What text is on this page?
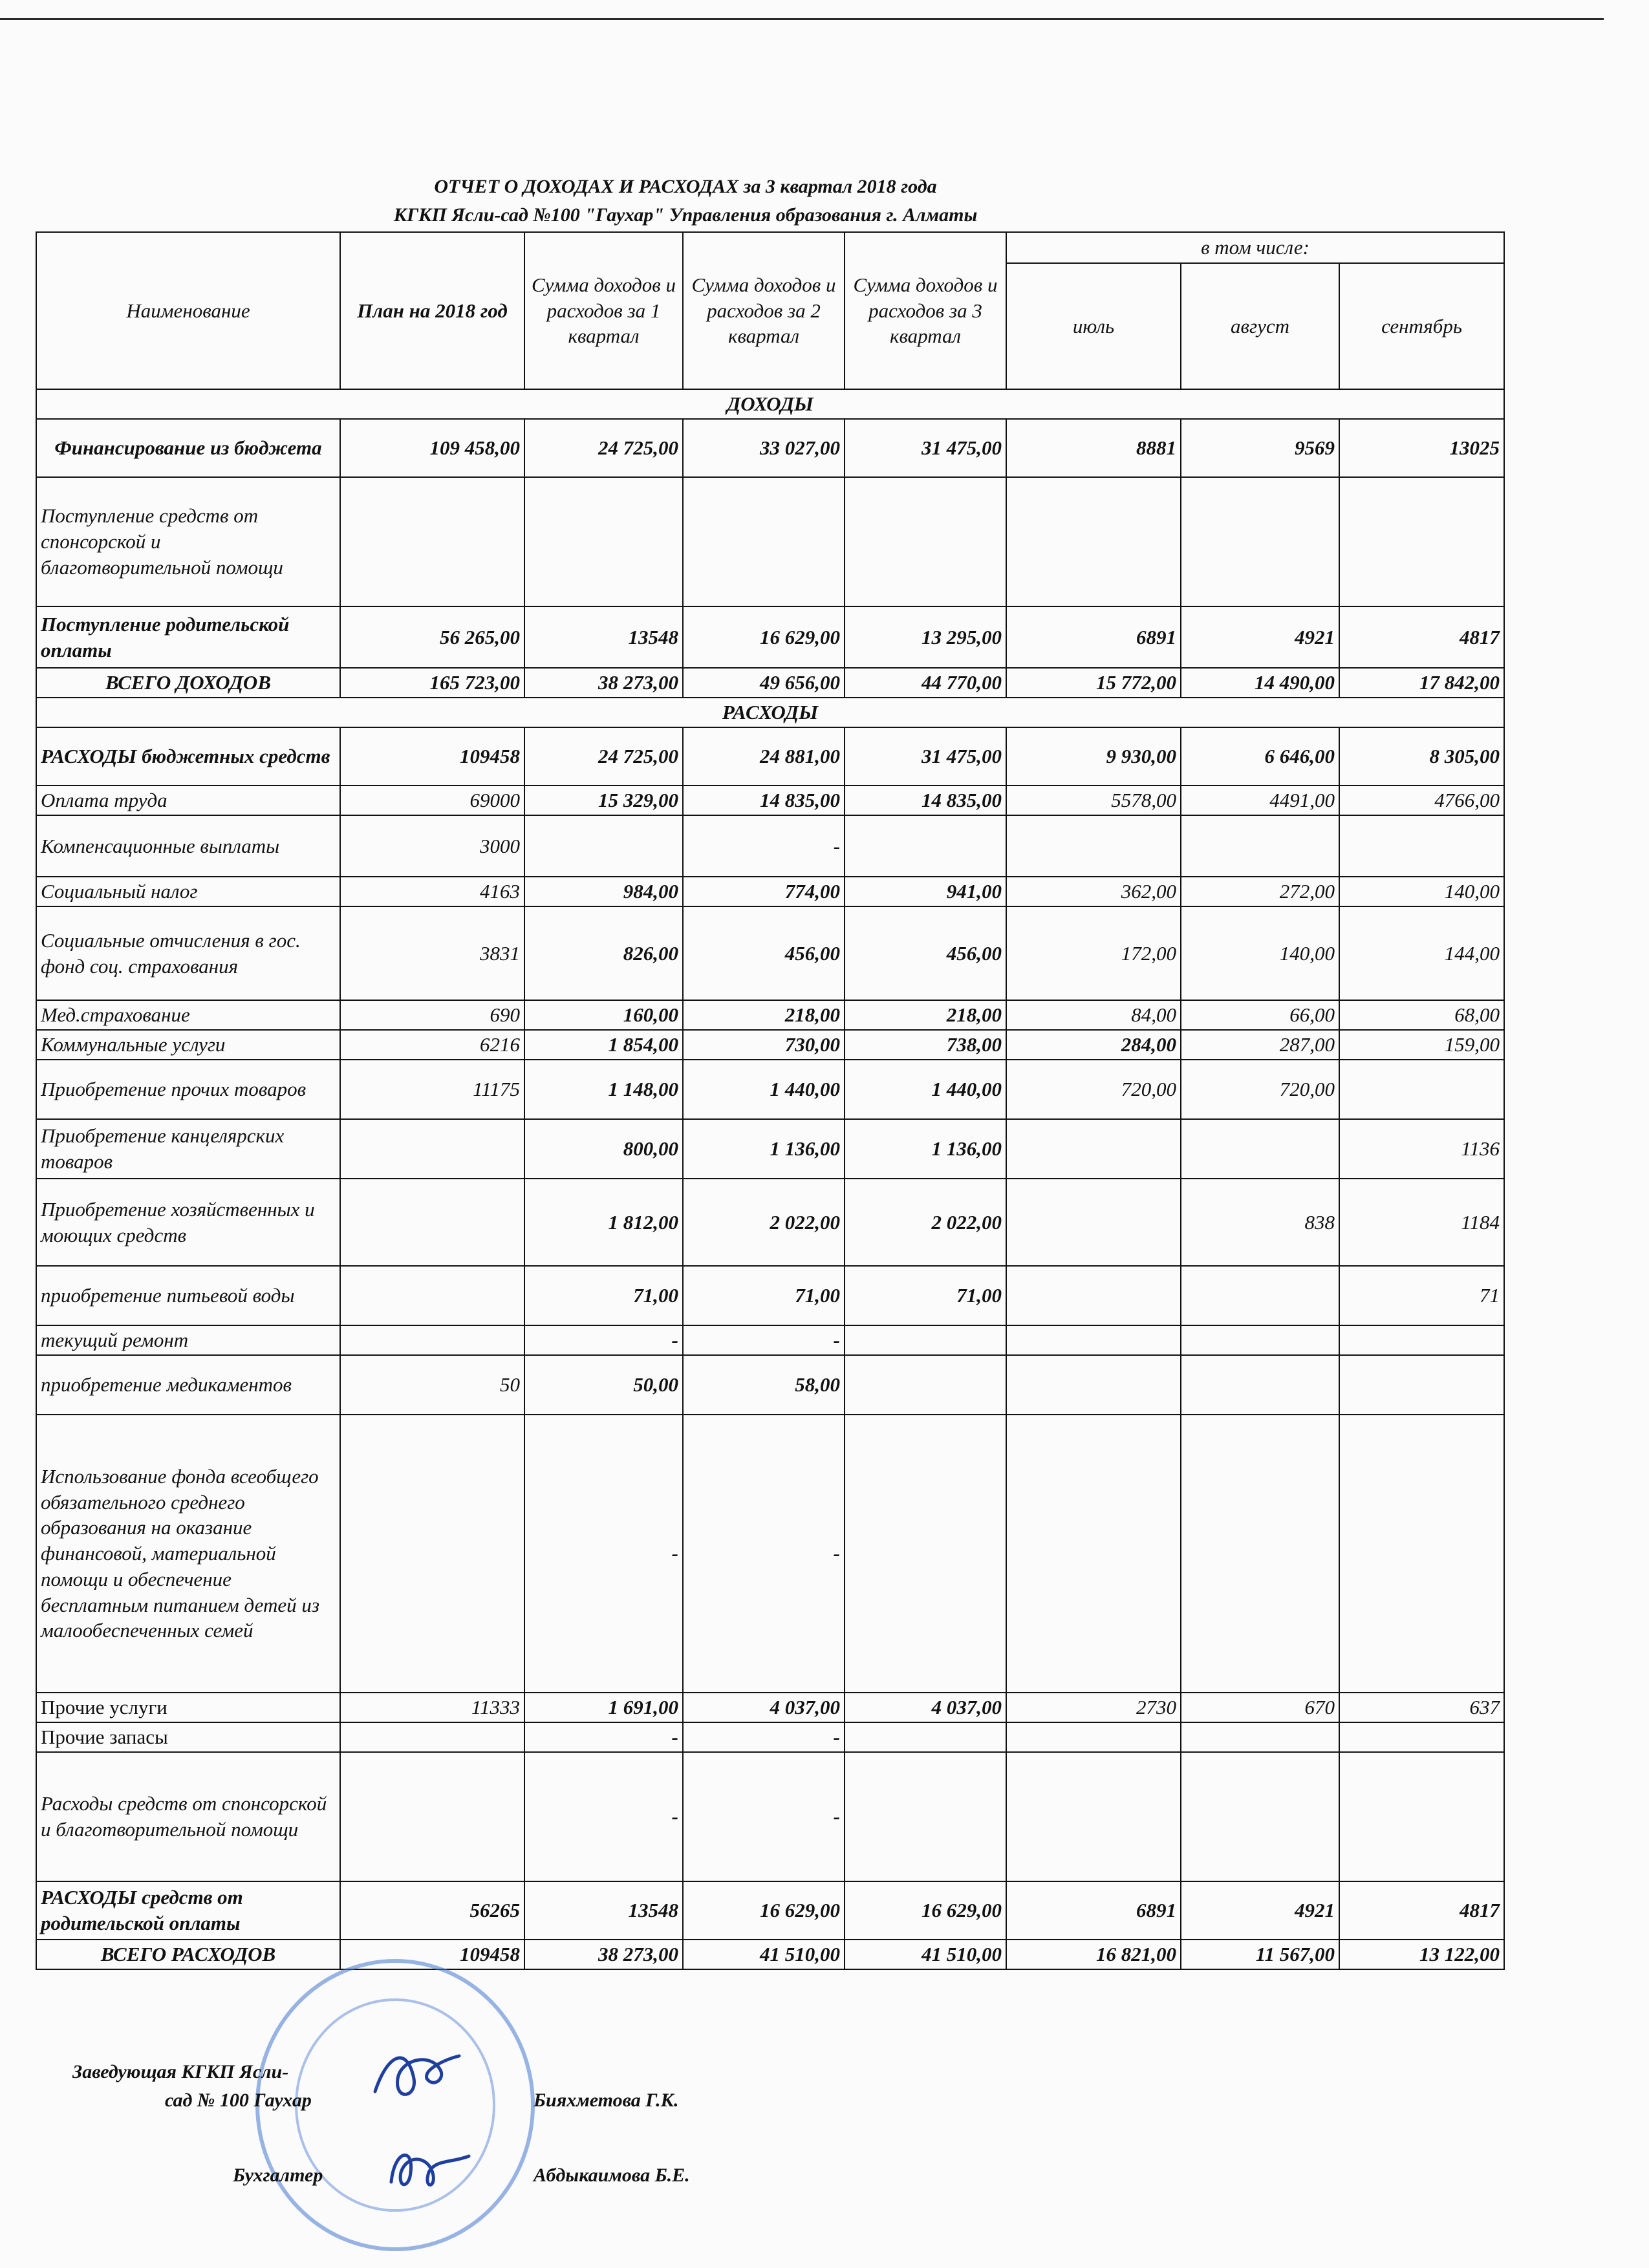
ОТЧЕТ О ДОХОДАХ И РАСХОДАХ за 3 квартал 2018 года
КГКП Ясли-сад №100 "Гаухар" Управления образования г. Алматы
Наименование	План на 2018 год	Сумма доходов и расходов за 1 квартал	Сумма доходов и расходов за 2 квартал	Сумма доходов и расходов за 3 квартал	в том числе:		
					июль	август	сентябрь
ДОХОДЫ							
Финансирование из бюджета	109 458,00	24 725,00	33 027,00	31 475,00	8881	9569	13025
Поступление средств от спонсорской и благотворительной помощи							
Поступление родительской оплаты	56 265,00	13548	16 629,00	13 295,00	6891	4921	4817
ВСЕГО ДОХОДОВ	165 723,00	38 273,00	49 656,00	44 770,00	15 772,00	14 490,00	17 842,00
РАСХОДЫ							
РАСХОДЫ бюджетных средств	109458	24 725,00	24 881,00	31 475,00	9 930,00	6 646,00	8 305,00
Оплата труда	69000	15 329,00	14 835,00	14 835,00	5578,00	4491,00	4766,00
Компенсационные выплаты	3000		-				
Социальный налог	4163	984,00	774,00	941,00	362,00	272,00	140,00
Социальные отчисления в гос. фонд соц. страхования	3831	826,00	456,00	456,00	172,00	140,00	144,00
Мед.страхование	690	160,00	218,00	218,00	84,00	66,00	68,00
Коммунальные услуги	6216	1 854,00	730,00	738,00	284,00	287,00	159,00
Приобретение прочих товаров	11175	1 148,00	1 440,00	1 440,00	720,00	720,00	
Приобретение канцелярских товаров		800,00	1 136,00	1 136,00			1136
Приобретение хозяйственных и моющих средств		1 812,00	2 022,00	2 022,00		838	1184
приобретение питьевой воды		71,00	71,00	71,00			71
текущий ремонт		-	-				
приобретение медикаментов	50	50,00	58,00				
Использование фонда всеобщего обязательного среднего образования на оказание финансовой, материальной помощи и обеспечение бесплатным питанием детей из малообеспеченных семей		-	-				
Прочие услуги	11333	1 691,00	4 037,00	4 037,00	2730	670	637
Прочие запасы		-	-				
Расходы средств от спонсорской и благотворительной помощи		-	-				
РАСХОДЫ средств от родительской оплаты	56265	13548	16 629,00	16 629,00	6891	4921	4817
ВСЕГО РАСХОДОВ	109458	38 273,00	41 510,00	41 510,00	16 821,00	11 567,00	13 122,00
Заведующая КГКП Ясли-
сад № 100 Гаухар	Бияхметова Г.К.
Бухгалтер	Абдыкаимова Б.Е.
